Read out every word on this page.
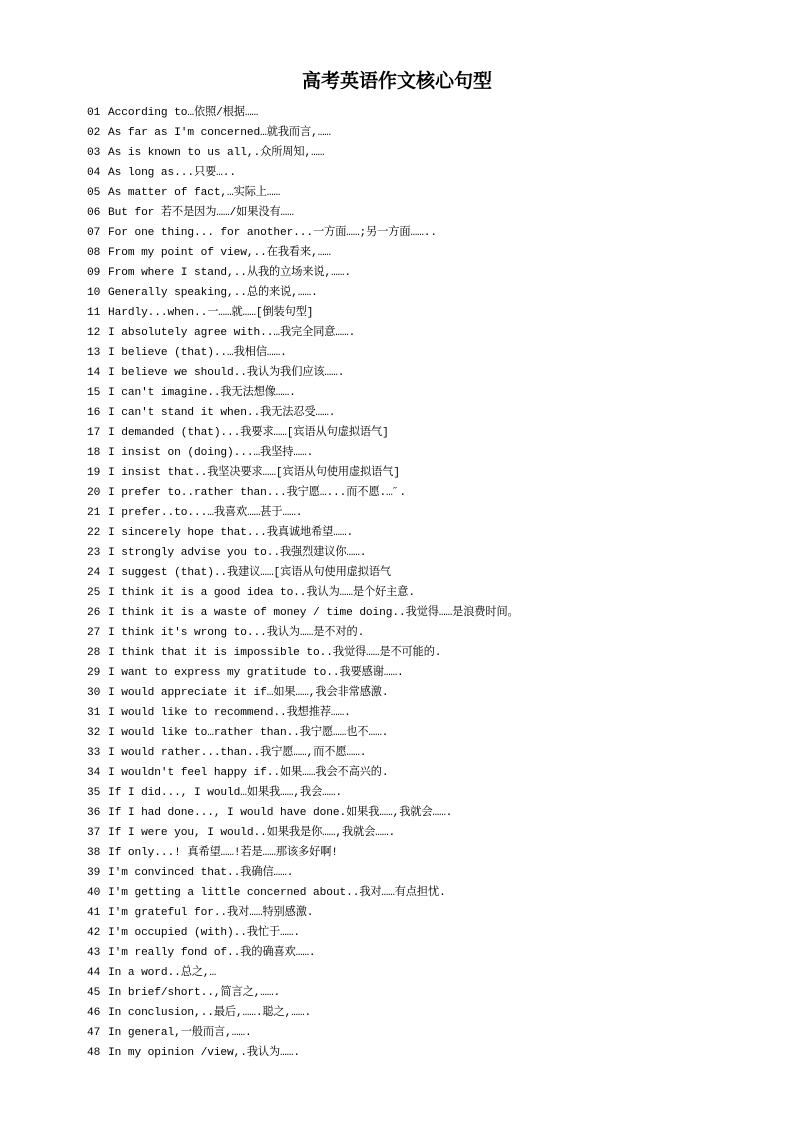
高考英语作文核心句型
01 According to…依照/根据……
02 As far as I'm concerned…就我而言,……
03 As is known to us all,.众所周知,……
04 As long as...只要…..
05 As matter of fact,…实际上……
06 But for 若不是因为……/如果没有……
07 For one thing... for another...一方面……;另一方面……..
08 From my point of view,..在我看来,……
09 From where I stand,..从我的立场来说,…….
10 Generally speaking,..总的来说,…….
11 Hardly...when..一……就……[倒装句型]
12 I absolutely agree with..…我完全同意…….
13 I believe (that)..…我相信…….
14 I believe we should..我认为我们应该…….
15 I can't imagine..我无法想像…….
16 I can't stand it when..我无法忍受…….
17 I demanded (that)...我要求……[宾语从句虚拟语气]
18 I insist on (doing)...…我坚持…….
19 I insist that..我坚决要求……[宾语从句使用虚拟语气]
20 I prefer to..rather than...我宁愿…...而不愿.…˝.
21 I prefer..to...…我喜欢……甚于…….
22 I sincerely hope that...我真诚地希望…….
23 I strongly advise you to..我强烈建议你…….
24 I suggest (that)..我建议……[宾语从句使用虚拟语气
25 I think it is a good idea to..我认为……是个好主意.
26 I think it is a waste of money / time doing..我觉得……是浪费时间。
27 I think it's wrong to...我认为……是不对的.
28 I think that it is impossible to..我觉得……是不可能的.
29 I want to express my gratitude to..我要感谢…….
30 I would appreciate it if…如果……,我会非常感激.
31 I would like to recommend..我想推荐…….
32 I would like to…rather than..我宁愿……也不…….
33 I would rather...than..我宁愿……,而不愿…….
34 I wouldn't feel happy if..如果……我会不高兴的.
35 If I did..., I would…如果我……,我会…….
36 If I had done..., I would have done.如果我……,我就会…….
37 If I were you, I would..如果我是你……,我就会…….
38 If only...! 真希望……!若是……那该多好啊!
39 I'm convinced that..我确信…….
40 I'm getting a little concerned about..我对……有点担忧.
41 I'm grateful for..我对……特别感激.
42 I'm occupied (with)..我忙于…….
43 I'm really fond of..我的确喜欢…….
44 In a word..总之,…
45 In brief/short..,简言之,…….
46 In conclusion,..最后,…….聪之,…….
47 In general,一般而言,…….
48 In my opinion /view,.我认为…….
